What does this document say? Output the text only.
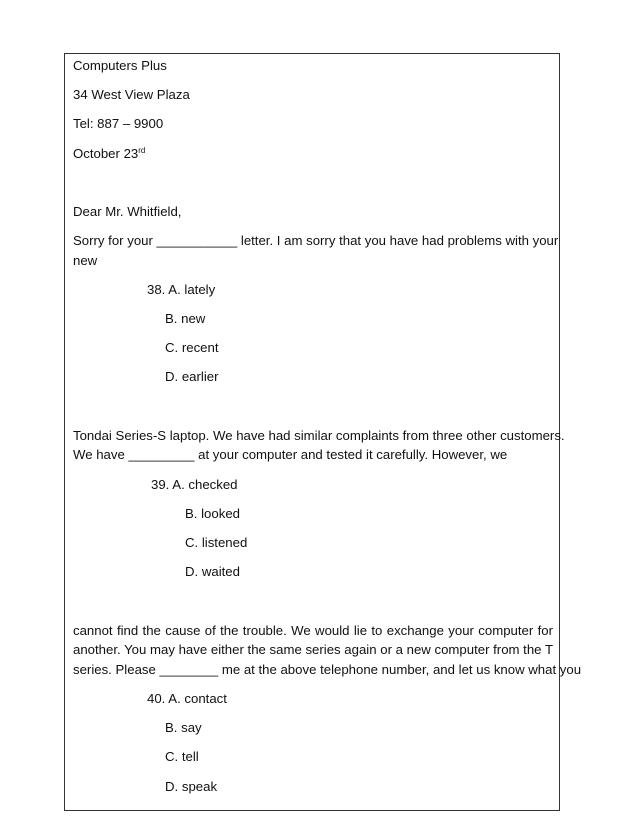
Computers Plus
34 West View Plaza
Tel: 887 – 9900
October 23rd
Dear Mr. Whitfield,
Sorry for your ___________ letter. I am sorry that you have had problems with your
new
38. A. lately
B. new
C. recent
D. earlier
Tondai Series-S laptop. We have had similar complaints from three other customers.
We have _________ at your computer and tested it carefully. However, we
39. A. checked
B. looked
C. listened
D. waited
cannot find the cause of the trouble. We would lie to exchange your computer for
another. You may have either the same series again or a new computer from the T
series. Please ________ me at the above telephone number, and let us know what you
40. A. contact
B. say
C. tell
D. speak
